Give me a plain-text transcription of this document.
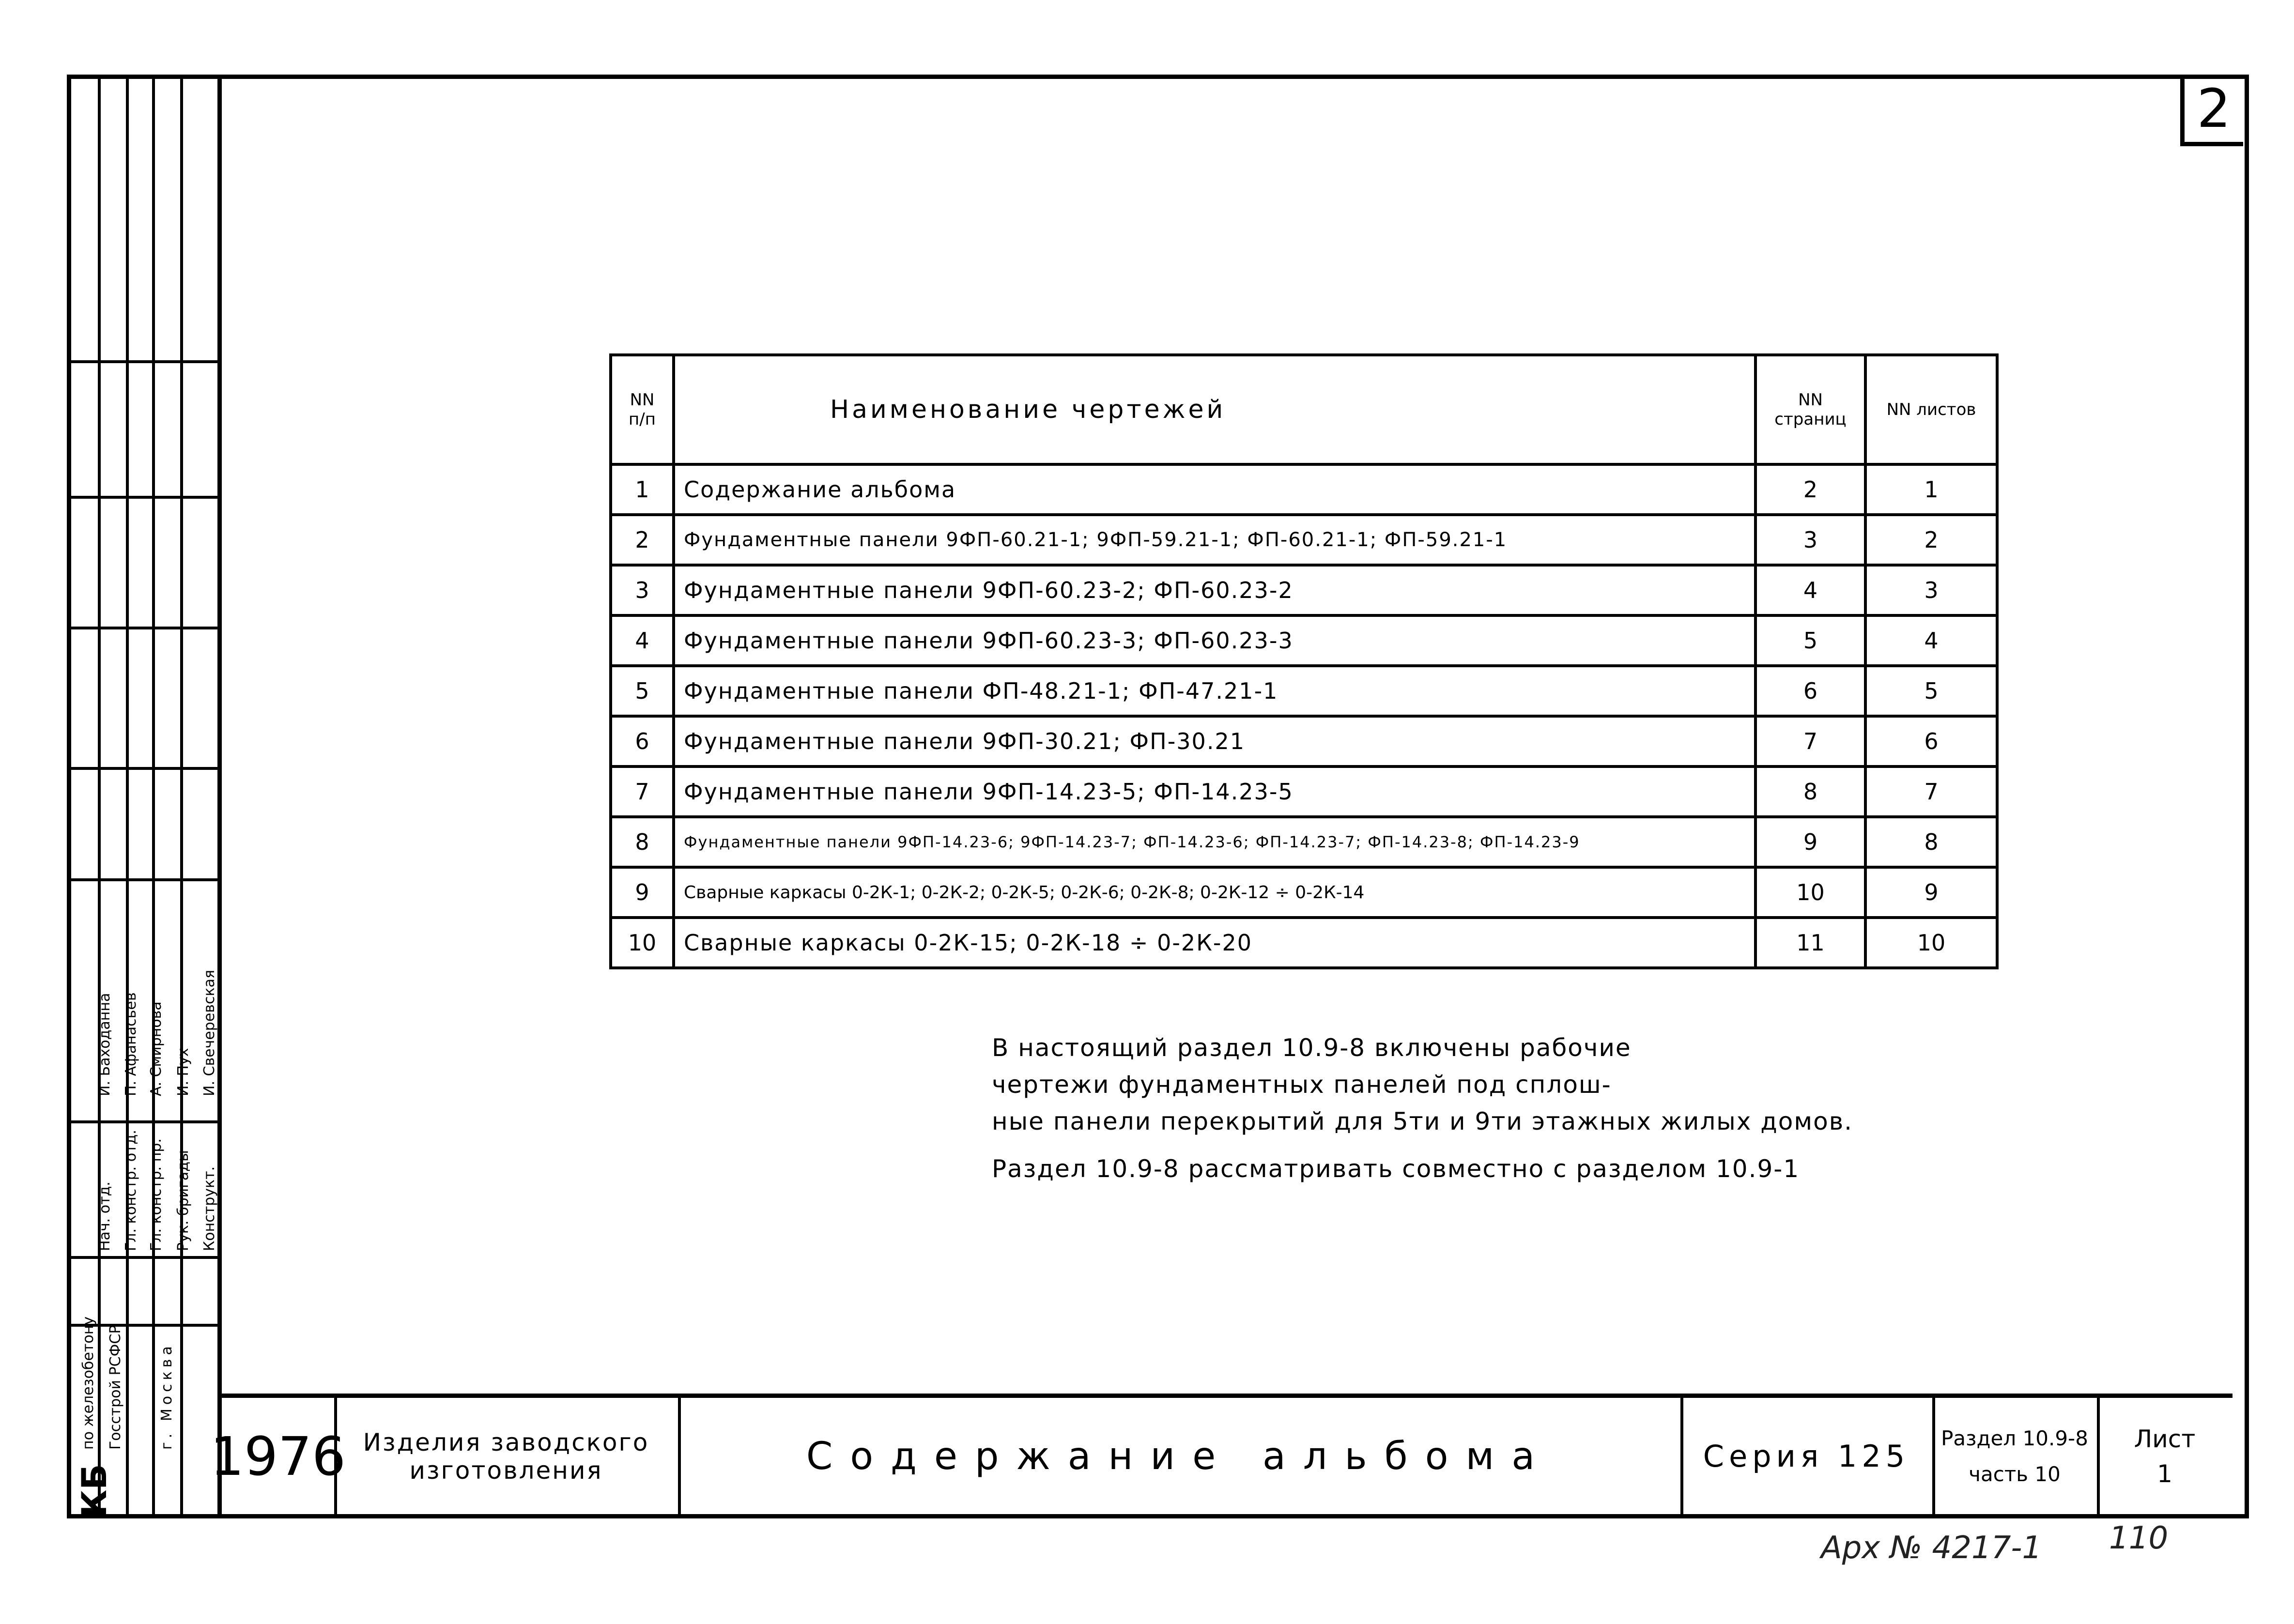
2
КБ
по железобетону Госстрой РСФСР г. Москва
Нач. отд. Гл. констр. отд. Гл. констр. пр. Рук. бригады Конструкт.
И. Баходанна П. Афанасьев А. Смирнова И. Пух И. Свечеревская
NN п/п	Наименование чертежей	NN страниц	NN листов
1	Содержание альбома	2	1
2	Фундаментные панели 9ФП-60.21-1; 9ФП-59.21-1; ФП-60.21-1; ФП-59.21-1	3	2
3	Фундаментные панели 9ФП-60.23-2; ФП-60.23-2	4	3
4	Фундаментные панели 9ФП-60.23-3; ФП-60.23-3	5	4
5	Фундаментные панели ФП-48.21-1; ФП-47.21-1	6	5
6	Фундаментные панели 9ФП-30.21; ФП-30.21	7	6
7	Фундаментные панели 9ФП-14.23-5; ФП-14.23-5	8	7
8	Фундаментные панели 9ФП-14.23-6; 9ФП-14.23-7; ФП-14.23-6; ФП-14.23-7; ФП-14.23-8; ФП-14.23-9	9	8
9	Сварные каркасы 0-2К-1; 0-2К-2; 0-2К-5; 0-2К-6; 0-2К-8; 0-2К-12 ÷ 0-2К-14	10	9
10	Сварные каркасы 0-2К-15; 0-2К-18 ÷ 0-2К-20	11	10
В настоящий раздел 10.9-8 включены рабочие
чертежи фундаментных панелей под сплош-
ные панели перекрытий для 5ти и 9ти этажных жилых домов.
Раздел 10.9-8 рассматривать совместно с разделом 10.9-1
1976 Изделия заводского
изготовления	Содержание альбома	Серия 125
Раздел 10.9-8
часть 10
Лист
1
Арх № 4217-1 110
